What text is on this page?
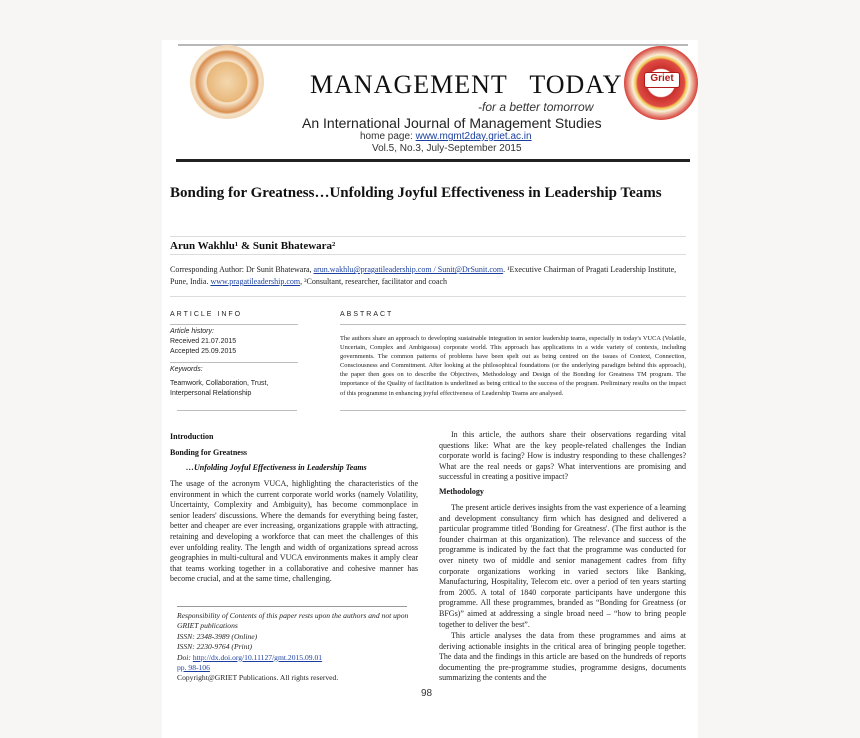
Griet
MANAGEMENT   TODAY
-for a better tomorrow
An International Journal of Management Studies
home page: www.mgmt2day.griet.ac.in
Vol.5, No.3, July-September 2015
Bonding for Greatness…Unfolding Joyful Effectiveness in Leadership Teams
Arun Wakhlu¹ & Sunit Bhatewara²
Corresponding Author: Dr Sunit Bhatewara, arun.wakhlu@pragatileadership.com / Sunit@DrSunit.com. ¹Executive Chairman of Pragati Leadership Institute, Pune, India. www.pragatileadership.com, ²Consultant, researcher, facilitator and coach
ARTICLE INFO
Article history:
Received 21.07.2015
Accepted 25.09.2015
Keywords:
Teamwork, Collaboration, Trust, Interpersonal Relationship
ABSTRACT
The authors share an approach to developing sustainable integration in senior leadership teams, especially in today's VUCA (Volatile, Uncertain, Complex and Ambiguous) corporate world. This approach has applications in a wide variety of contexts, including governments. The common patterns of problems have been spelt out as being centred on the issues of Context, Connection, Consciousness and Commitment. After looking at the philosophical foundations (or the underlying paradigm behind this approach), the paper then goes on to describe the Objectives, Methodology and Design of the Bonding for Greatness TM program. The importance of the Quality of facilitation is underlined as being critical to the success of the program. Preliminary results on the impact of this programme in enhancing joyful effectiveness of Leadership Teams are analysed.
Introduction
Bonding for Greatness
…Unfolding Joyful Effectiveness in Leadership Teams
The usage of the acronym VUCA, highlighting the characteristics of the environment in which the current corporate world works (namely Volatility, Uncertainty, Complexity and Ambiguity), has become commonplace in senior leaders' discussions. Where the demands for everything being faster, better and cheaper are ever increasing, organizations grapple with attracting, retaining and developing a workforce that can meet the challenges of this ever unfolding reality. The length and width of organizations spread across geographies in multi-cultural and VUCA environments makes it amply clear that teams working together in a collaborative and cohesive manner has become crucial, and at the same time, challenging.
Responsibility of Contents of this paper rests upon the authors and not upon GRIET publications
ISSN: 2348-3989 (Online)
ISSN: 2230-9764 (Print)
Doi: http://dx.doi.org/10.11127/gmt.2015.09.01
pp. 98-106
Copyright@GRIET Publications. All rights reserved.
In this article, the authors share their observations regarding vital questions like: What are the key people-related challenges the Indian corporate world is facing? How is industry responding to these challenges? What are the real needs or gaps? What interventions are promising and successful in creating a positive impact?
Methodology
The present article derives insights from the vast experience of a learning and development consultancy firm which has designed and delivered a particular programme titled 'Bonding for Greatness'. (The first author is the founder chairman at this organization). The relevance and success of the programme is indicated by the fact that the programme was conducted for over ninety two of middle and senior management cadres from fifty corporate organizations working in varied sectors like Banking, Manufacturing, Hospitality, Telecom etc. over a period of ten years starting from 2005. A total of 1840 corporate participants have undergone this programme. All these programmes, branded as “Bonding for Greatness (or BFGs)” aimed at addressing a single broad need – “how to bring people together to deliver the best”.
This article analyses the data from these programmes and aims at deriving actionable insights in the critical area of bringing people together. The data and the findings in this article are based on the hundreds of reports documenting the pre-programme studies, programme designs, documents summarizing the contents and the
98
